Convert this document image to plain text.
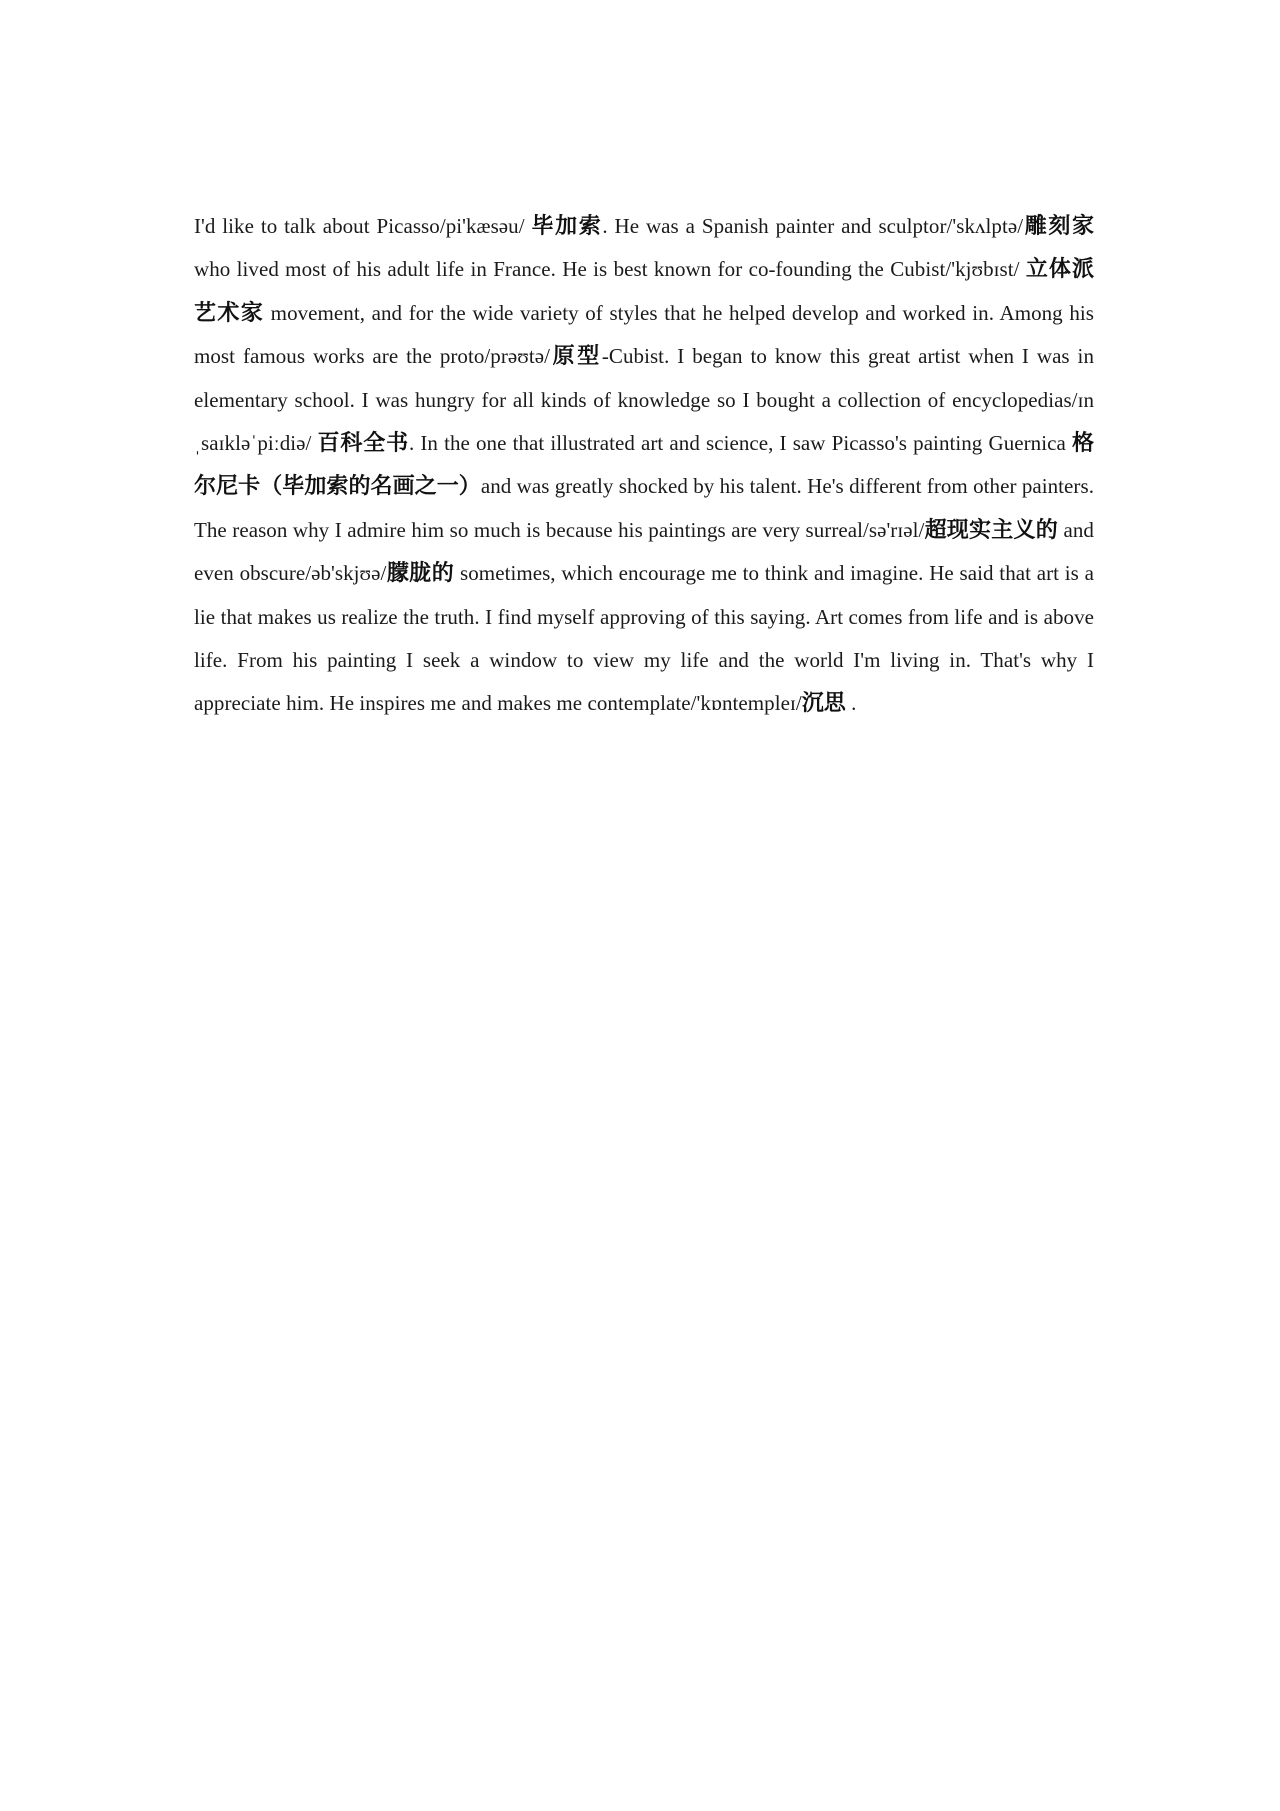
I'd like to talk about Picasso/pi'kæsəu/ 毕加索. He was a Spanish painter and sculptor/'skʌlptə/雕刻家 who lived most of his adult life in France. He is best known for co-founding the Cubist/'kjʊbɪst/ 立体派艺术家 movement, and for the wide variety of styles that he helped develop and worked in. Among his most famous works are the proto/prəʊtə/原型-Cubist. I began to know this great artist when I was in elementary school. I was hungry for all kinds of knowledge so I bought a collection of encyclopedias/ɪnˌsaɪkləˈpiːdiə/ 百科全书. In the one that illustrated art and science, I saw Picasso's painting Guernica 格尔尼卡（毕加索的名画之一）and was greatly shocked by his talent. He's different from other painters. The reason why I admire him so much is because his paintings are very surreal/sə'rɪəl/超现实主义的 and even obscure/əb'skjʊə/朦胧的 sometimes, which encourage me to think and imagine. He said that art is a lie that makes us realize the truth. I find myself approving of this saying. Art comes from life and is above life. From his painting I seek a window to view my life and the world I'm living in. That's why I appreciate him. He inspires me and makes me contemplate/'kɒntempleɪ/沉思 .
